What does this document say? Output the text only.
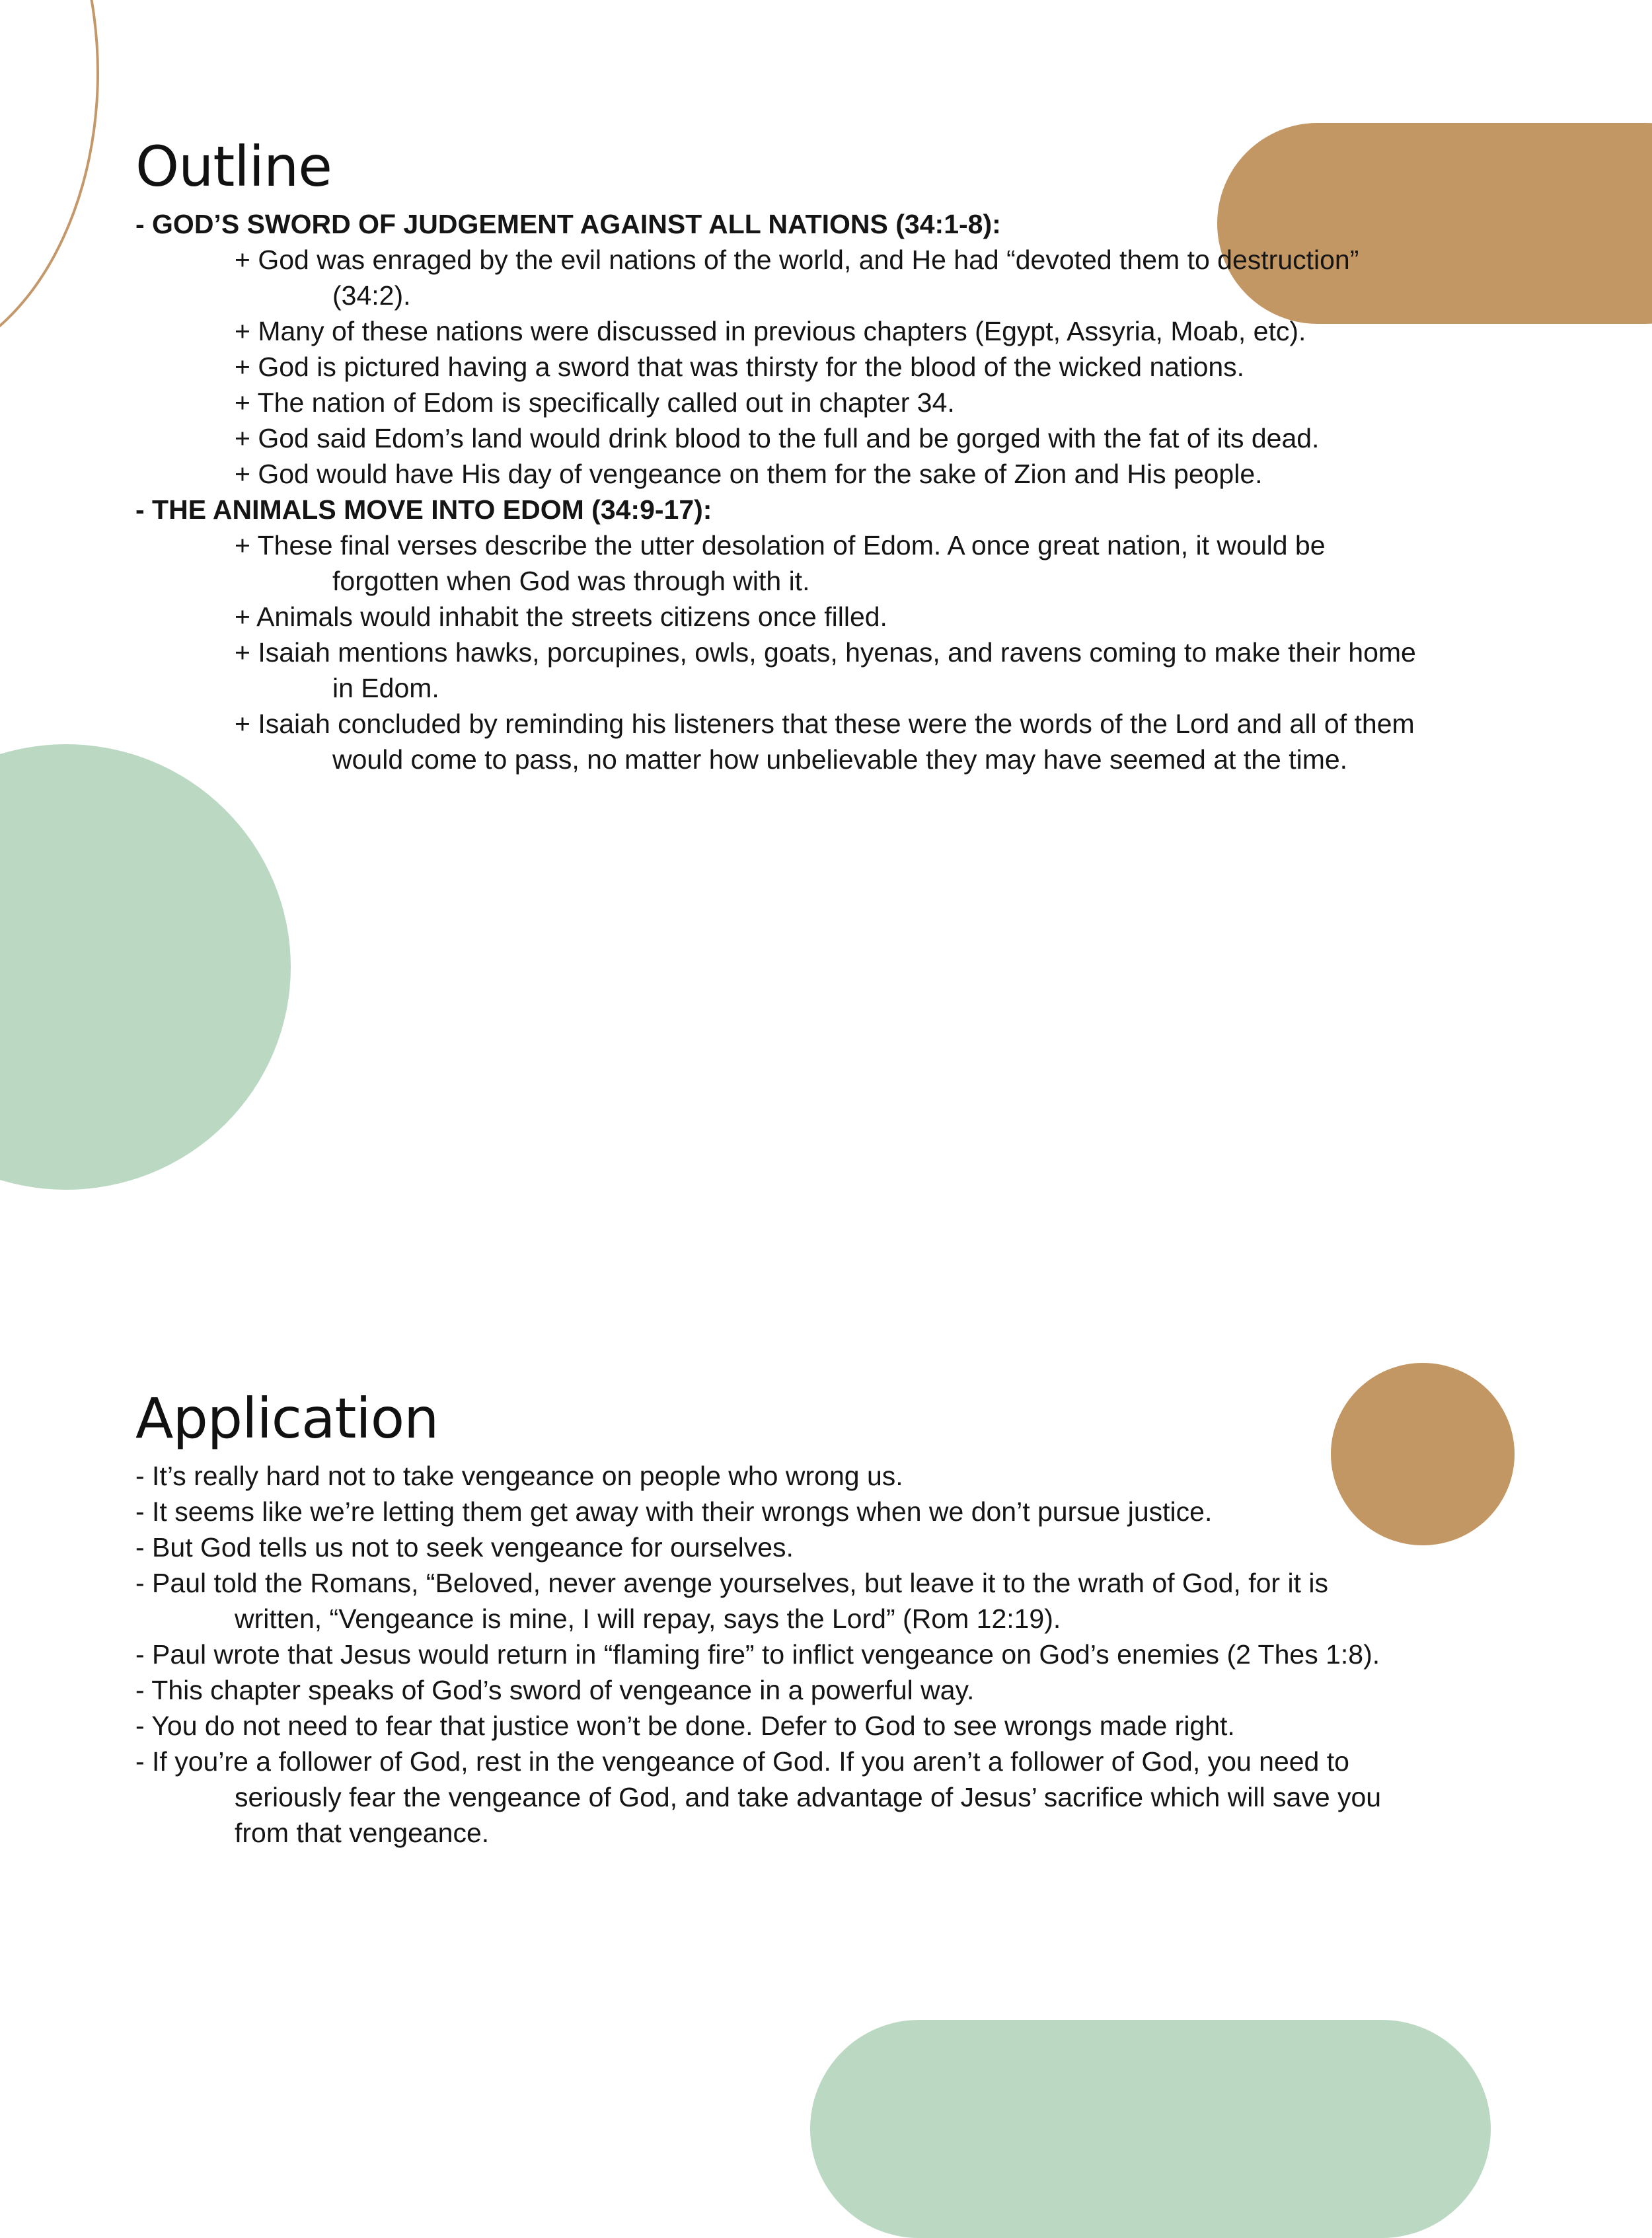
Outline

- GOD’S SWORD OF JUDGEMENT AGAINST ALL NATIONS (34:1-8):

+ God was enraged by the evil nations of the world, and He had “devoted them to destruction”

(34:2).

+ Many of these nations were discussed in previous chapters (Egypt, Assyria, Moab, etc).

+ God is pictured having a sword that was thirsty for the blood of the wicked nations.

+ The nation of Edom is specifically called out in chapter 34.

+ God said Edom’s land would drink blood to the full and be gorged with the fat of its dead.

+ God would have His day of vengeance on them for the sake of Zion and His people.

- THE ANIMALS MOVE INTO EDOM (34:9-17):

+ These final verses describe the utter desolation of Edom. A once great nation, it would be

forgotten when God was through with it.

+ Animals would inhabit the streets citizens once filled.

+ Isaiah mentions hawks, porcupines, owls, goats, hyenas, and ravens coming to make their home

in Edom.

+ Isaiah concluded by reminding his listeners that these were the words of the Lord and all of them

would come to pass, no matter how unbelievable they may have seemed at the time.

Application

- It’s really hard not to take vengeance on people who wrong us.

- It seems like we’re letting them get away with their wrongs when we don’t pursue justice.

- But God tells us not to seek vengeance for ourselves.

- Paul told the Romans, “Beloved, never avenge yourselves, but leave it to the wrath of God, for it is

written, “Vengeance is mine, I will repay, says the Lord” (Rom 12:19).

- Paul wrote that Jesus would return in “flaming fire” to inflict vengeance on God’s enemies (2 Thes 1:8).

- This chapter speaks of God’s sword of vengeance in a powerful way.

- You do not need to fear that justice won’t be done. Defer to God to see wrongs made right.

- If you’re a follower of God, rest in the vengeance of God. If you aren’t a follower of God, you need to

seriously fear the vengeance of God, and take advantage of Jesus’ sacrifice which will save you

from that vengeance.
